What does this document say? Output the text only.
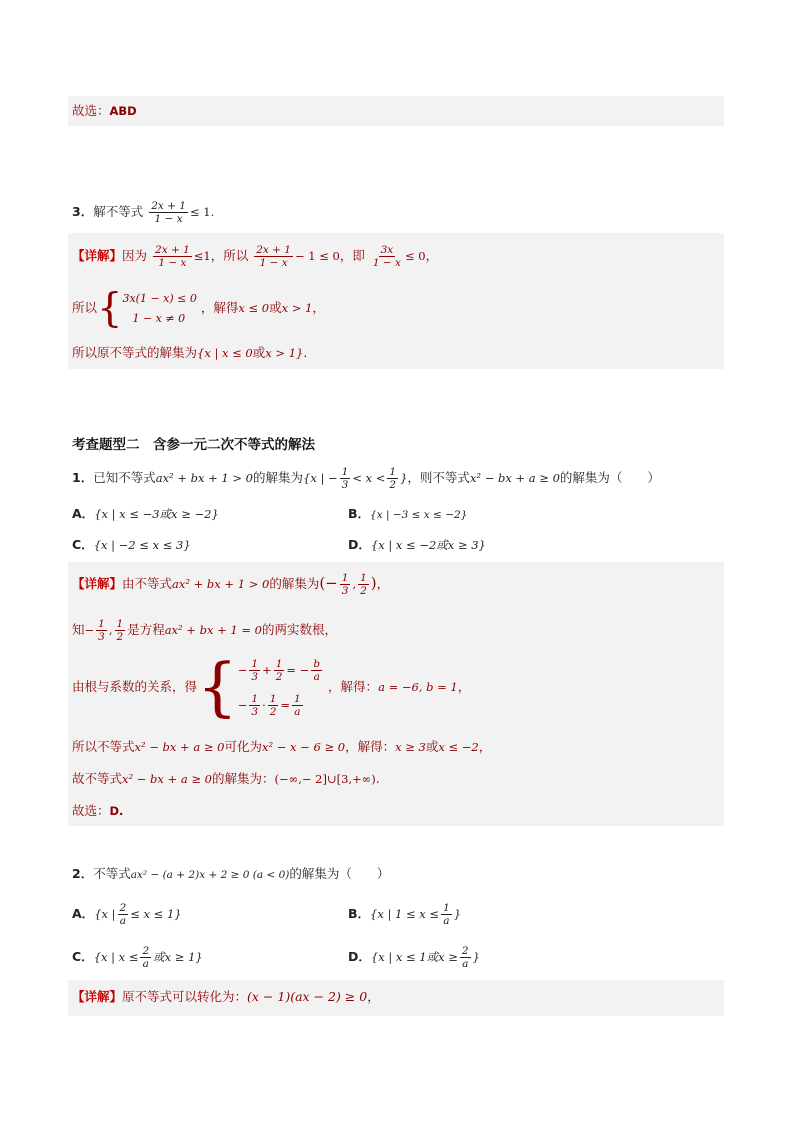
故选：ABD
3．解不等式 $\frac{2x + 1}{1 - x} \le 1$.
【详解】因为 $\frac{2x + 1}{1 - x} \le 1$，所以 $\frac{2x + 1}{1 - x} - 1 \le 0$，即 $\frac{3x}{1 - x} \le 0$，
所以{ 3x(1 − x) ≤ 0
1 − x ≠ 0
，解得x ≤ 0或x > 1，
所以原不等式的解集为{x | x ≤ 0或x > 1}.
考查题型二　含参一元二次不等式的解法
1．已知不等式ax² + bx + 1 > 0的解集为{x | − $\frac{1}{3} < x < \frac{1}{2}$ }，则不等式x² − bx + a ≥ 0的解集为（　　）
A．{x | x ≤ −3或x ≥ −2}	B．{x | −3 ≤ x ≤ −2}
C．{x | −2 ≤ x ≤ 3}	D．{x | x ≤ −2或x ≥ 3}
【详解】由不等式ax² + bx + 1 > 0的解集为(− $\frac{1}{3}$ , $\frac{1}{2}$ )，
知− $\frac{1}{3}$ , $\frac{1}{2}$ 是方程ax² + bx + 1 = 0的两实数根，
由根与系数的关系，得{ − $\frac{1}{3} + \frac{1}{2}$ = − $\frac{b}{a}$
− $\frac{1}{3} \cdot \frac{1}{2} = \frac{1}{a}$
，解得：a = −6, b = 1，
所以不等式x² − bx + a ≥ 0可化为x² − x − 6 ≥ 0，解得：x ≥ 3或x ≤ −2，
故不等式x² − bx + a ≥ 0的解集为：(−∞,− 2]∪[3,+∞).
故选：D.
2．不等式ax² − (a + 2)x + 2 ≥ 0 (a < 0)的解集为（　　）
A．{x | $\frac{2}{a} \le x \le 1$}	B．{x | $1 \le x \le \frac{1}{a}$ }
C．{x | $x \le \frac{2}{a}$ 或x ≥ 1}	D．{x | x ≤ 1或$x \ge \frac{2}{a}$ }
【详解】原不等式可以转化为：(x − 1)(ax − 2) ≥ 0，
